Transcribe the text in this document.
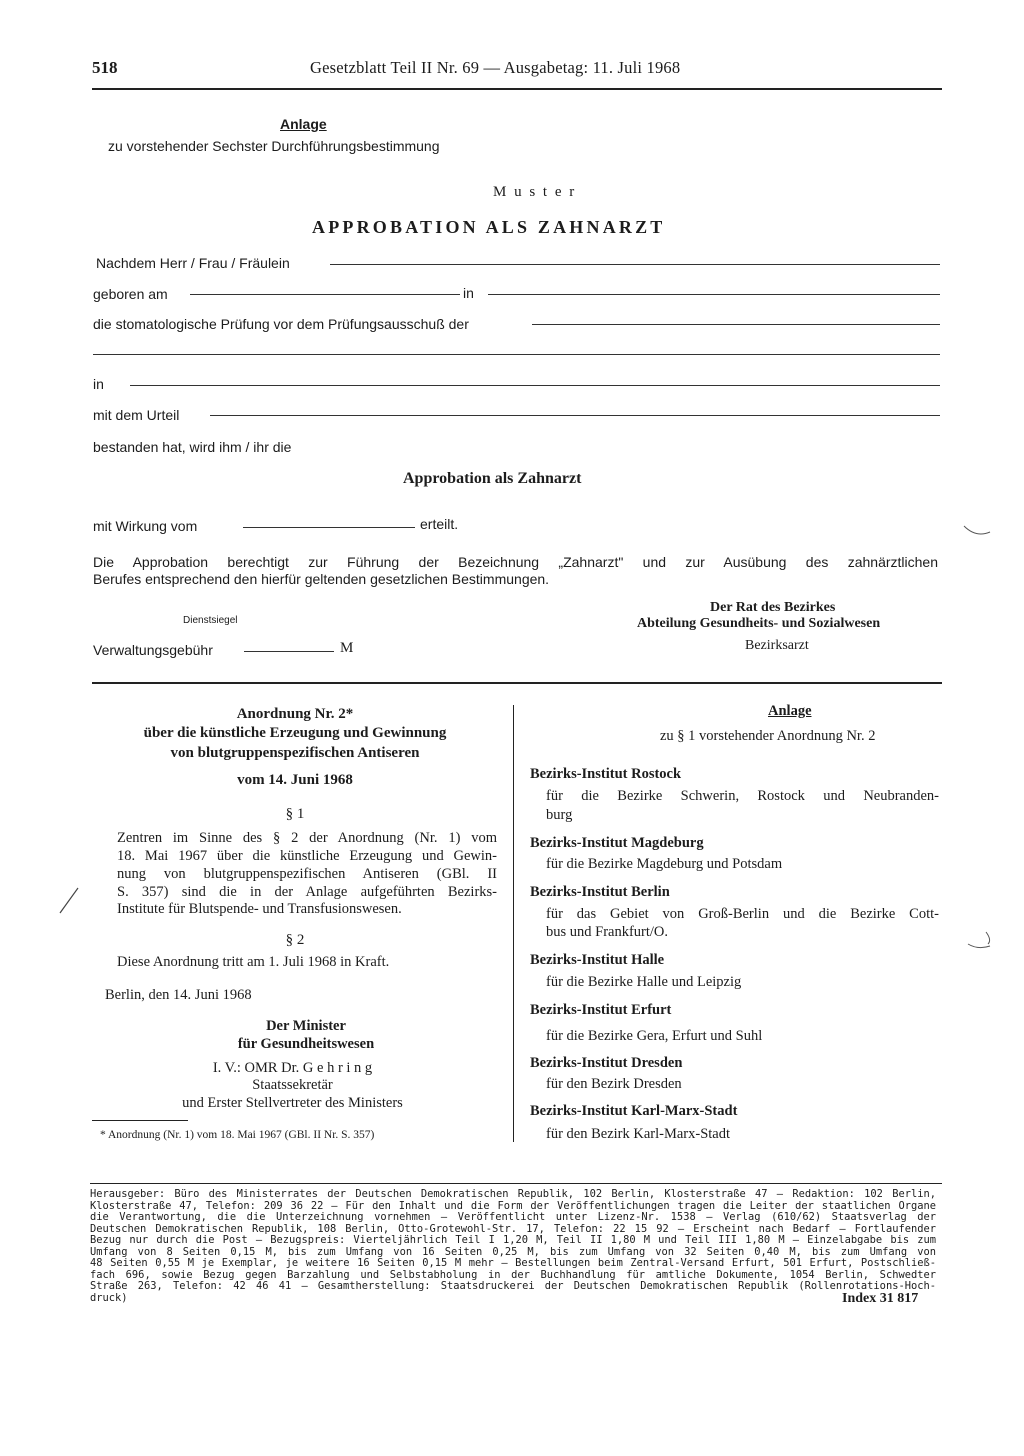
518	Gesetzblatt Teil II Nr. 69 — Ausgabetag: 11. Juli 1968
Anlage
zu vorstehender Sechster Durchführungsbestimmung
M u s t e r
APPROBATION ALS ZAHNARZT
Nachdem Herr / Frau / Fräulein
geboren am	in
die stomatologische Prüfung vor dem Prüfungsausschuß der
in
mit dem Urteil
bestanden hat, wird ihm / ihr die
Approbation als Zahnarzt
mit Wirkung vom	erteilt.
Die Approbation berechtigt zur Führung der Bezeichnung „Zahnarzt" und zur Ausübung des zahnärztlichen
Berufes entsprechend den hierfür geltenden gesetzlichen Bestimmungen.
Dienstsiegel
Verwaltungsgebühr	M
Der Rat des Bezirkes
Abteilung Gesundheits- und Sozialwesen
Bezirksarzt
Anordnung Nr. 2*
über die künstliche Erzeugung und Gewinnung
von blutgruppenspezifischen Antiseren
vom 14. Juni 1968
§ 1
Zentren im Sinne des § 2 der Anordnung (Nr. 1) vom
18. Mai 1967 über die künstliche Erzeugung und Gewin-
nung von blutgruppenspezifischen Antiseren (GBl. II
S. 357) sind die in der Anlage aufgeführten Bezirks-
Institute für Blutspende- und Transfusionswesen.
§ 2
Diese Anordnung tritt am 1. Juli 1968 in Kraft.
Berlin, den 14. Juni 1968
Der Minister
für Gesundheitswesen
I. V.: OMR Dr. G e h r i n g
Staatssekretär
und Erster Stellvertreter des Ministers
* Anordnung (Nr. 1) vom 18. Mai 1967 (GBl. II Nr. S. 357)
Anlage
zu § 1 vorstehender Anordnung Nr. 2
Bezirks-Institut Rostock
für die Bezirke Schwerin, Rostock und Neubranden-
burg
Bezirks-Institut Magdeburg
für die Bezirke Magdeburg und Potsdam
Bezirks-Institut Berlin
für das Gebiet von Groß-Berlin und die Bezirke Cott-
bus und Frankfurt/O.
Bezirks-Institut Halle
für die Bezirke Halle und Leipzig
Bezirks-Institut Erfurt
für die Bezirke Gera, Erfurt und Suhl
Bezirks-Institut Dresden
für den Bezirk Dresden
Bezirks-Institut Karl-Marx-Stadt
für den Bezirk Karl-Marx-Stadt
Herausgeber: Büro des Ministerrates der Deutschen Demokratischen Republik, 102 Berlin, Klosterstraße 47 — Redaktion: 102 Berlin,
Klosterstraße 47, Telefon: 209 36 22 — Für den Inhalt und die Form der Veröffentlichungen tragen die Leiter der staatlichen Organe
die Verantwortung, die die Unterzeichnung vornehmen — Veröffentlicht unter Lizenz-Nr. 1538 — Verlag (610/62) Staatsverlag der
Deutschen Demokratischen Republik, 108 Berlin, Otto-Grotewohl-Str. 17, Telefon: 22 15 92 — Erscheint nach Bedarf — Fortlaufender
Bezug nur durch die Post — Bezugspreis: Vierteljährlich Teil I 1,20 M, Teil II 1,80 M und Teil III 1,80 M — Einzelabgabe bis zum
Umfang von 8 Seiten 0,15 M, bis zum Umfang von 16 Seiten 0,25 M, bis zum Umfang von 32 Seiten 0,40 M, bis zum Umfang von
48 Seiten 0,55 M je Exemplar, je weitere 16 Seiten 0,15 M mehr — Bestellungen beim Zentral-Versand Erfurt, 501 Erfurt, Postschließ-
fach 696, sowie Bezug gegen Barzahlung und Selbstabholung in der Buchhandlung für amtliche Dokumente, 1054 Berlin, Schwedter
Straße 263, Telefon: 42 46 41 — Gesamtherstellung: Staatsdruckerei der Deutschen Demokratischen Republik (Rollenrotations-Hoch-
druck)	Index 31 817
